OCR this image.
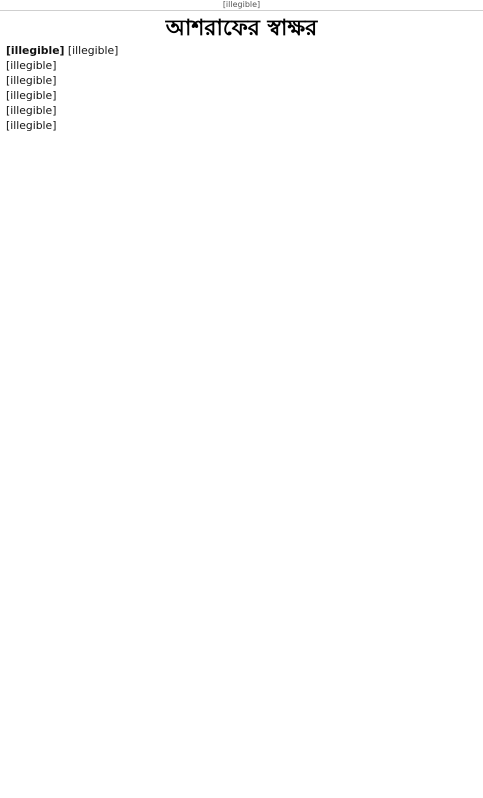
[illegible]
আশরাফের স্বাক্ষর

[illegible] [illegible]

[illegible]

[illegible]

[illegible]

[illegible]

[illegible]
